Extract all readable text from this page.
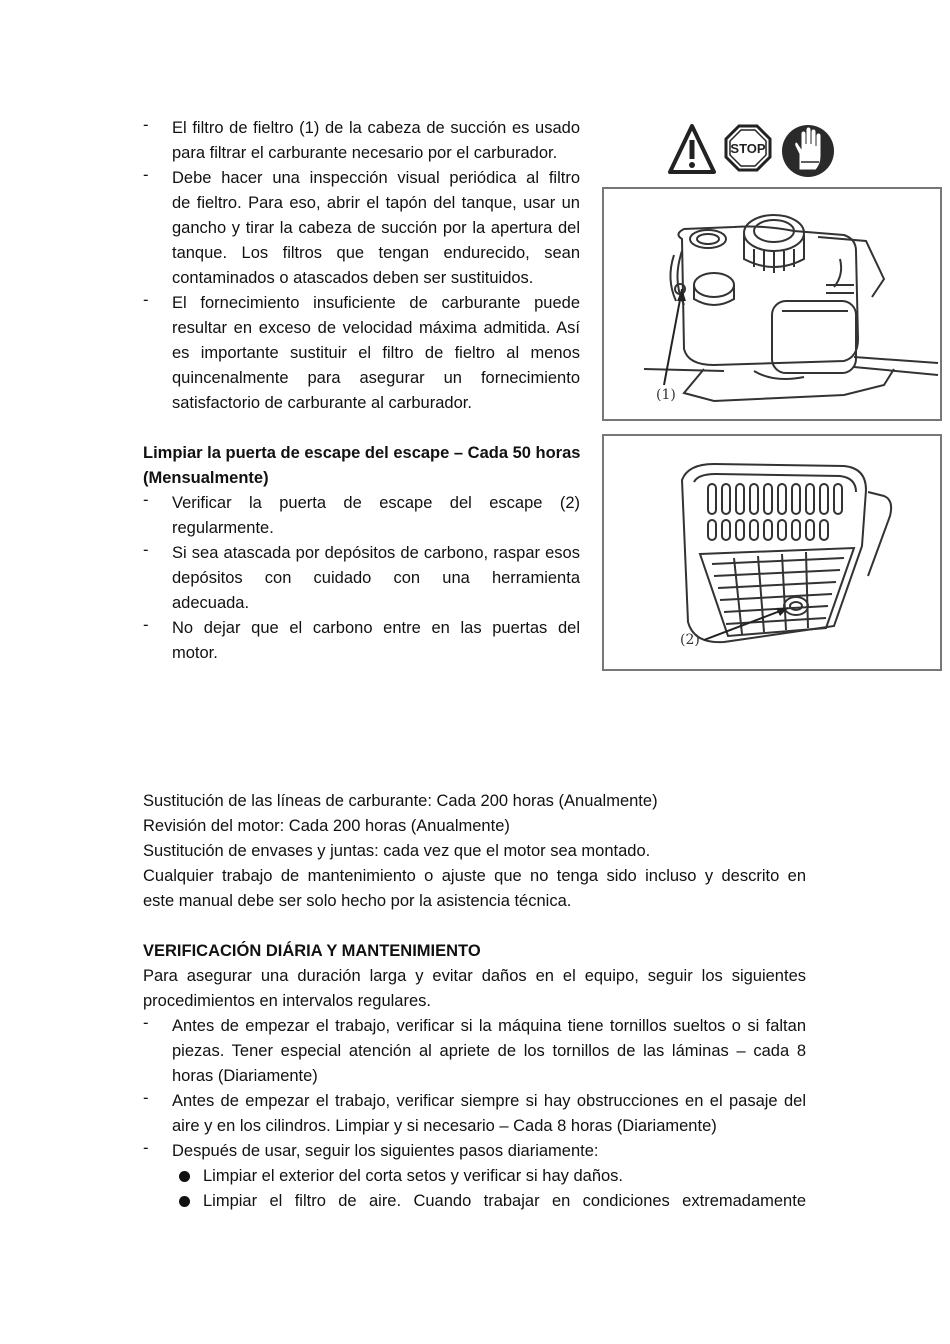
- El filtro de fieltro (1) de la cabeza de succión es usado
para filtrar el carburante necesario por el carburador.
- Debe hacer una inspección visual periódica al filtro
de fieltro. Para eso, abrir el tapón del tanque, usar un
gancho y tirar la cabeza de succión por la apertura del
tanque. Los filtros que tengan endurecido, sean
contaminados o atascados deben ser sustituidos.
- El fornecimiento insuficiente de carburante puede
resultar en exceso de velocidad máxima admitida. Así
es importante sustituir el filtro de fieltro al menos
quincenalmente para asegurar un fornecimiento
satisfactorio de carburante al carburador.
Limpiar la puerta de escape del escape – Cada 50 horas
(Mensualmente)
- Verificar la puerta de escape del escape (2)
regularmente.
- Si sea atascada por depósitos de carbono, raspar esos
depósitos con cuidado con una herramienta
adecuada.
- No dejar que el carbono entre en las puertas del
motor.
STOP
(1)
(2)
Sustitución de las líneas de carburante: Cada 200 horas (Anualmente)
Revisión del motor: Cada 200 horas (Anualmente)
Sustitución de envases y juntas: cada vez que el motor sea montado.
Cualquier trabajo de mantenimiento o ajuste que no tenga sido incluso y descrito en
este manual debe ser solo hecho por la asistencia técnica.
VERIFICACIÓN DIÁRIA Y MANTENIMIENTO
Para asegurar una duración larga y evitar daños en el equipo, seguir los siguientes
procedimientos en intervalos regulares.
- Antes de empezar el trabajo, verificar si la máquina tiene tornillos sueltos o si faltan
piezas. Tener especial atención al apriete de los tornillos de las láminas – cada 8
horas (Diariamente)
- Antes de empezar el trabajo, verificar siempre si hay obstrucciones en el pasaje del
aire y en los cilindros. Limpiar y si necesario – Cada 8 horas (Diariamente)
- Después de usar, seguir los siguientes pasos diariamente:
Limpiar el exterior del corta setos y verificar si hay daños.
Limpiar el filtro de aire. Cuando trabajar en condiciones extremadamente
